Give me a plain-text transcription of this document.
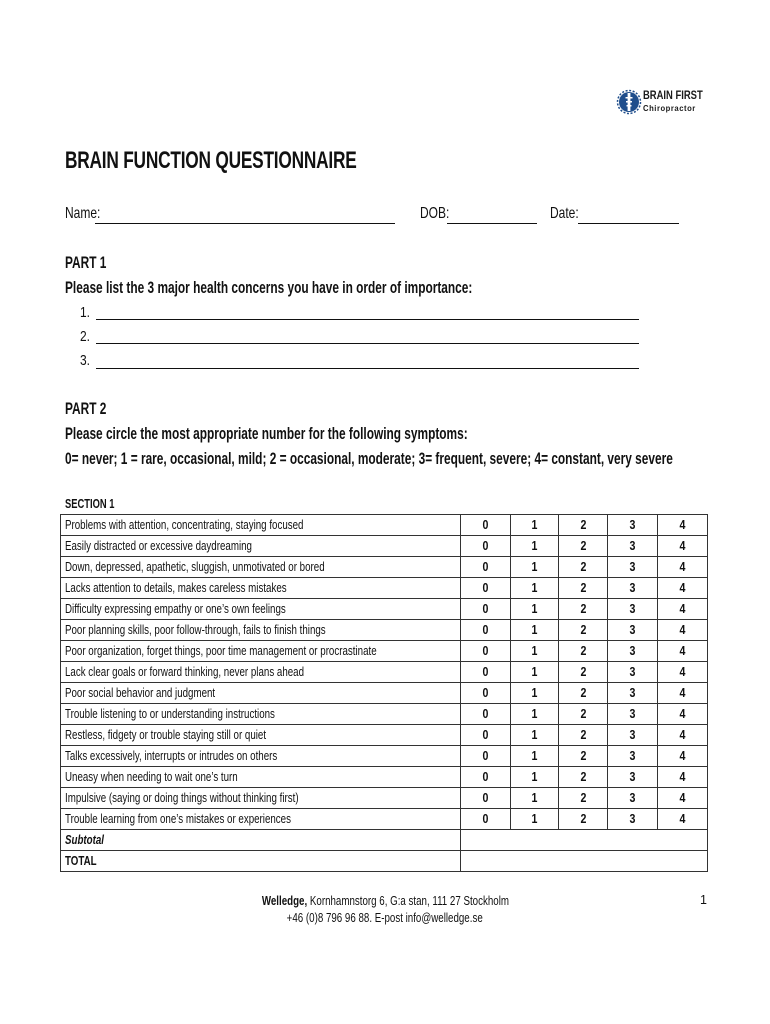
BRAIN FIRST
Chiropractor
BRAIN FUNCTION QUESTIONNAIRE
Name:	DOB:	Date:
PART 1
Please list the 3 major health concerns you have in order of importance:
1.
2.
3.
PART 2
Please circle the most appropriate number for the following symptoms:
0= never; 1 = rare, occasional, mild; 2 = occasional, moderate; 3= frequent, severe; 4= constant, very severe
SECTION 1
Problems with attention, concentrating, staying focused	0	1	2	3	4
Easily distracted or excessive daydreaming	0	1	2	3	4
Down, depressed, apathetic, sluggish, unmotivated or bored	0	1	2	3	4
Lacks attention to details, makes careless mistakes	0	1	2	3	4
Difficulty expressing empathy or one’s own feelings	0	1	2	3	4
Poor planning skills, poor follow-through, fails to finish things	0	1	2	3	4
Poor organization, forget things, poor time management or procrastinate	0	1	2	3	4
Lack clear goals or forward thinking, never plans ahead	0	1	2	3	4
Poor social behavior and judgment	0	1	2	3	4
Trouble listening to or understanding instructions	0	1	2	3	4
Restless, fidgety or trouble staying still or quiet	0	1	2	3	4
Talks excessively, interrupts or intrudes on others	0	1	2	3	4
Uneasy when needing to wait one’s turn	0	1	2	3	4
Impulsive (saying or doing things without thinking first)	0	1	2	3	4
Trouble learning from one’s mistakes or experiences	0	1	2	3	4
Subtotal					
TOTAL					
Welledge, Kornhamnstorg 6, G:a stan, 111 27 Stockholm
+46 (0)8 796 96 88. E-post info@welledge.se
1
